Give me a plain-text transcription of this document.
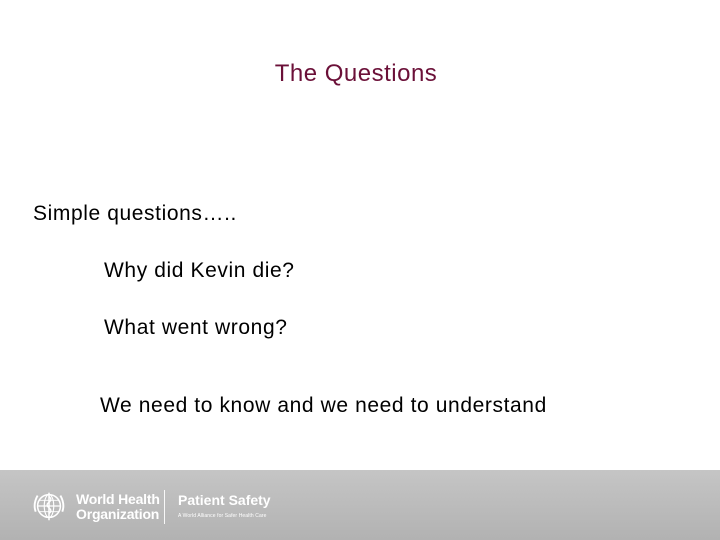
The Questions
Simple questions…..
Why did Kevin die?
What went wrong?
We need to know and we need to understand
World Health
Organization
Patient Safety
A World Alliance for Safer Health Care
